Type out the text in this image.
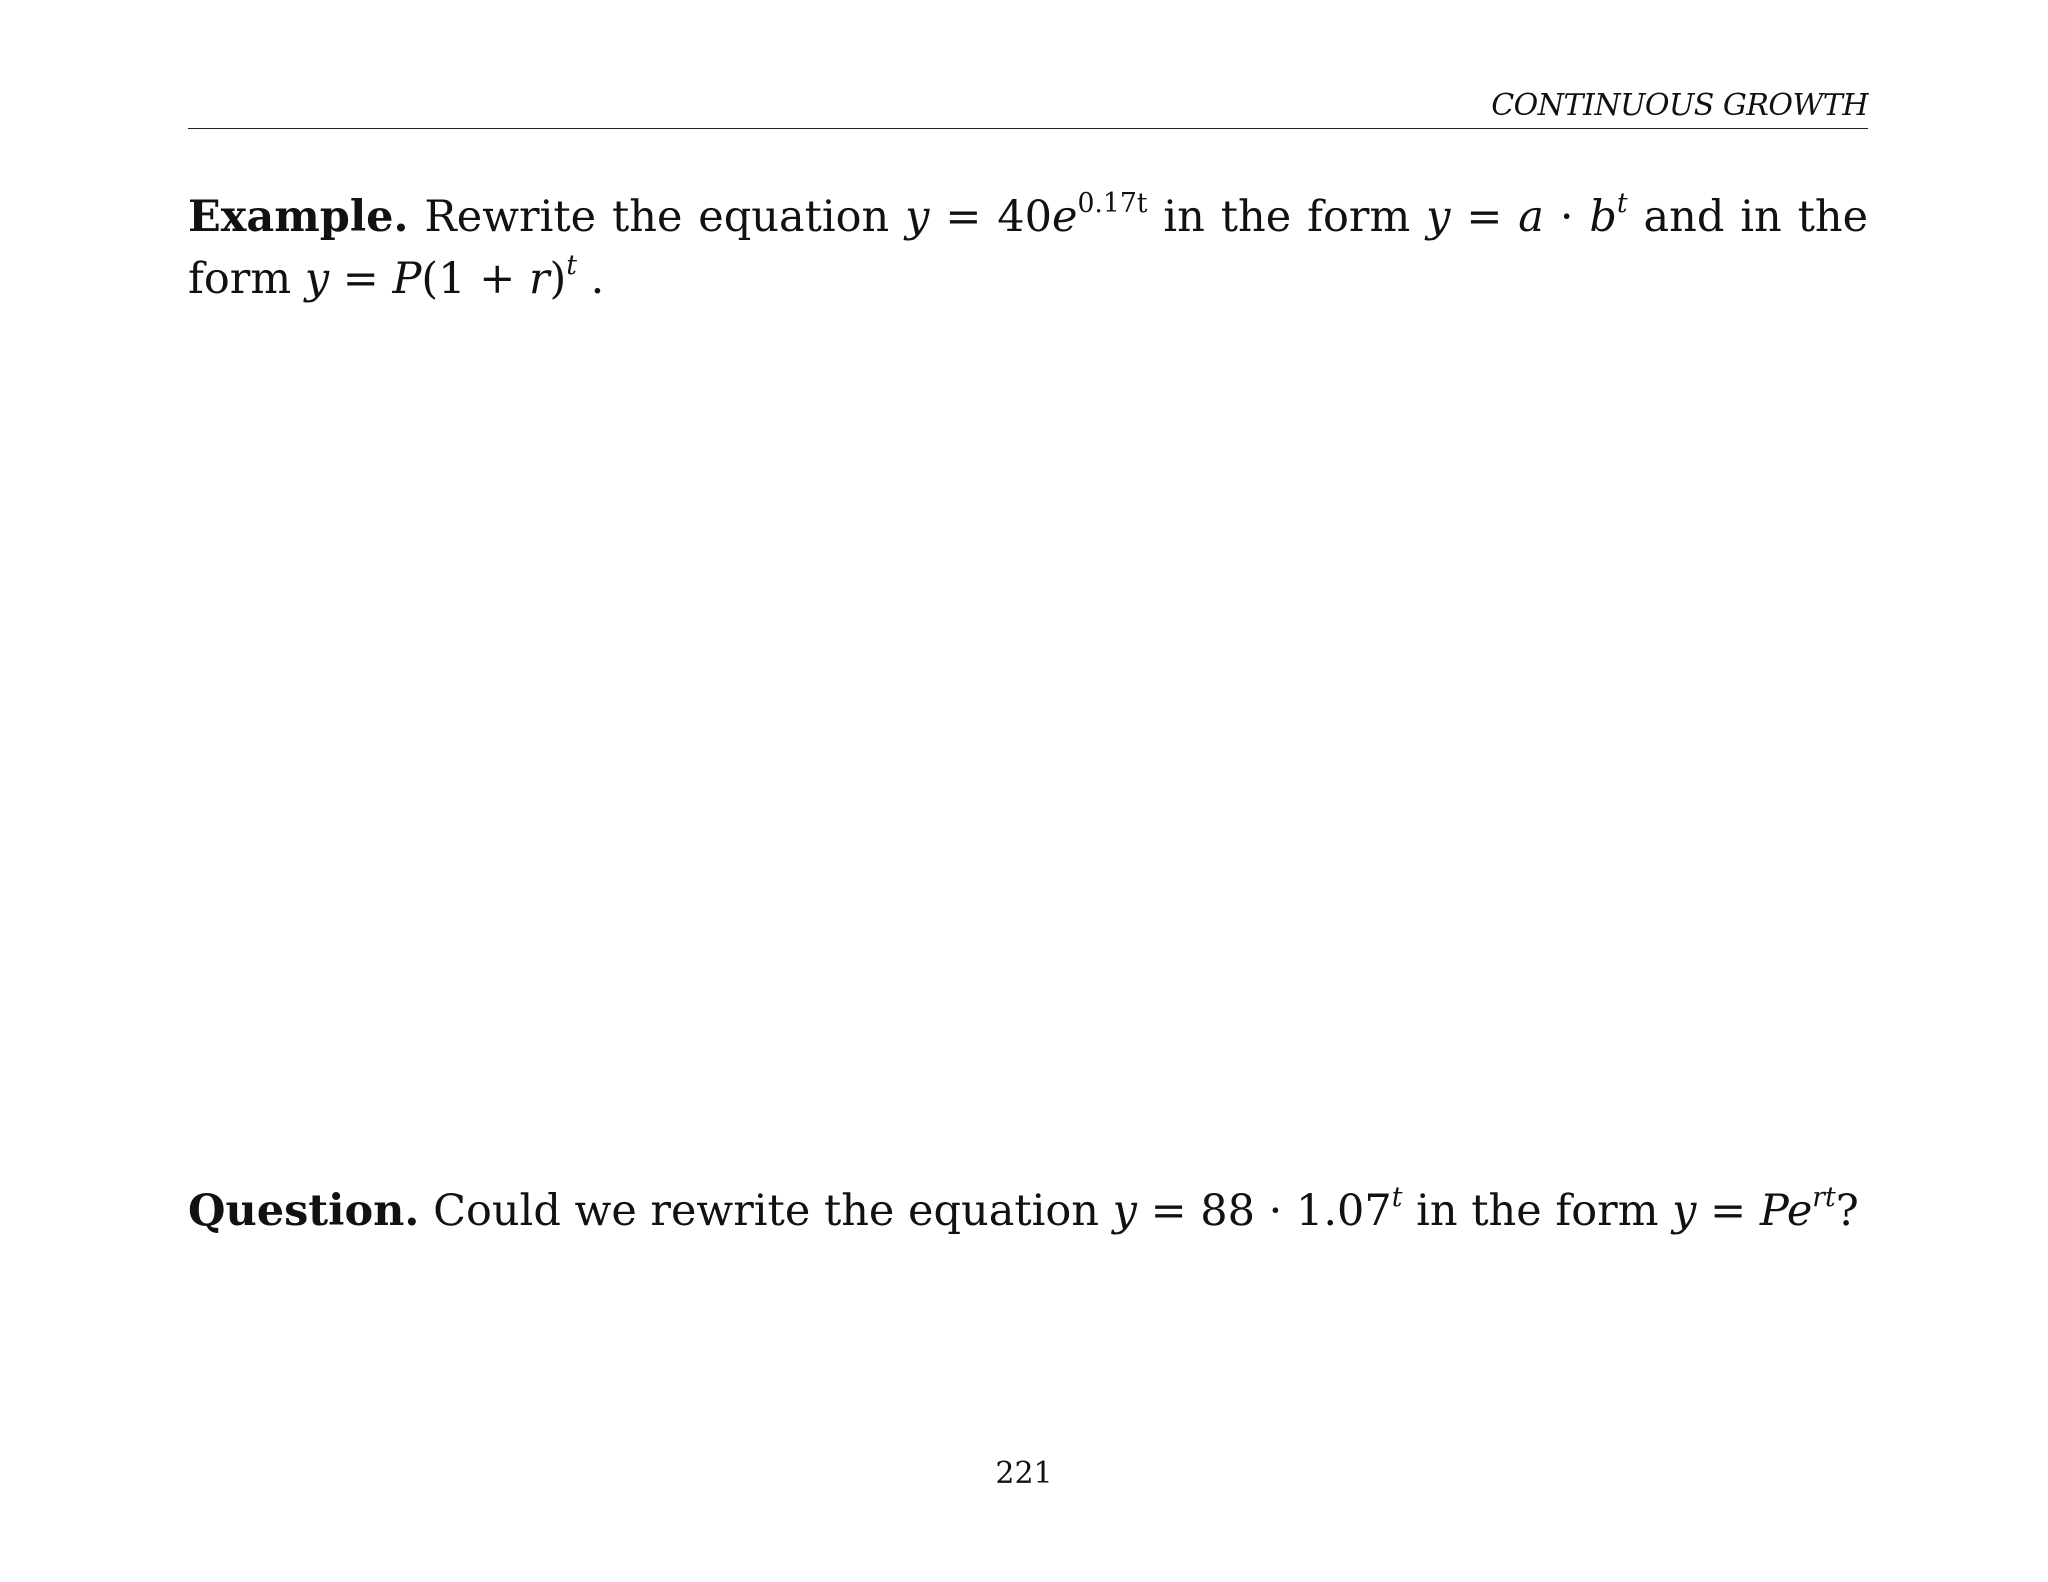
CONTINUOUS GROWTH

Example. Rewrite the equation $y = 40e^{0.17t}$ in the form $y = a \cdot b^t$ and in the form $y = P(1 + r)^t$ .

Question. Could we rewrite the equation $y = 88 \cdot 1.07^t$ in the form $y = Pe^{rt}$?

221
